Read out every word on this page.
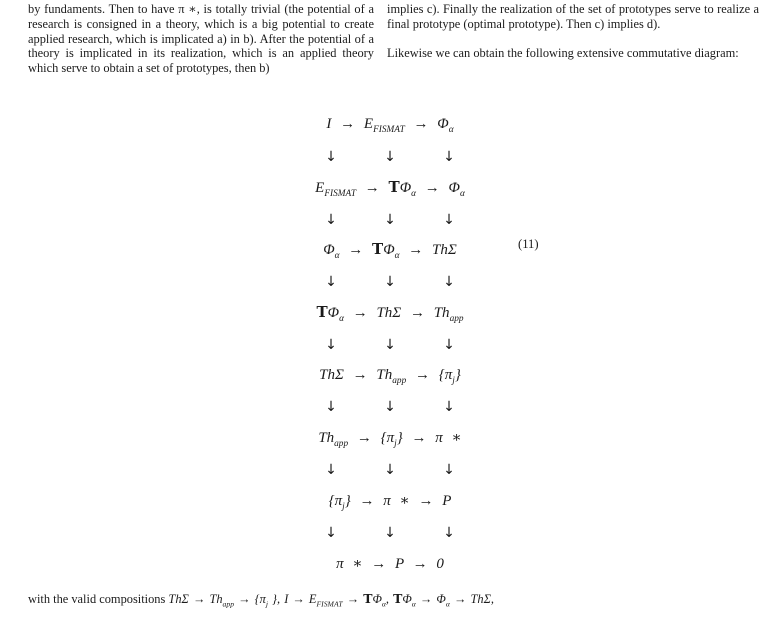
by fundaments. Then to have π ∗, is totally trivial (the potential of a research is consigned in a theory, which is a big potential to create applied research, which is implicated a) in b). After the potential of a theory is implicated in its realization, which is an applied theory which serve to obtain a set of prototypes, then b)

implies c). Finally the realization of the set of prototypes serve to realize a final prototype (optimal prototype). Then c) implies d).

Likewise we can obtain the following extensive commutative diagram:

$I \to E_{FISMAT} \to \Phi_\alpha$
↓	↓	↓
$E_{FISMAT} \to T\Phi_\alpha \to \Phi_\alpha$
↓	↓	↓
$\Phi_\alpha \to T\Phi_\alpha \to Th\Sigma$
↓	↓	↓
$T\Phi_\alpha \to Th\Sigma \to Th_{app}$
↓	↓	↓
$Th\Sigma \to Th_{app} \to \{\pi_j\}$
↓	↓	↓
$Th_{app} \to \{\pi_j\} \to \pi$ ∗
↓	↓	↓
$\{\pi_j\} \to \pi$ ∗ → P
↓	↓	↓
π ∗ → P → 0
(11)
with the valid compositions $Th\Sigma \to Th_{app} \to \{\pi_j$ }, $I \to E_{FISMAT} \to T\Phi_\alpha$, $T\Phi_\alpha \to \Phi_\alpha \to Th\Sigma$,
